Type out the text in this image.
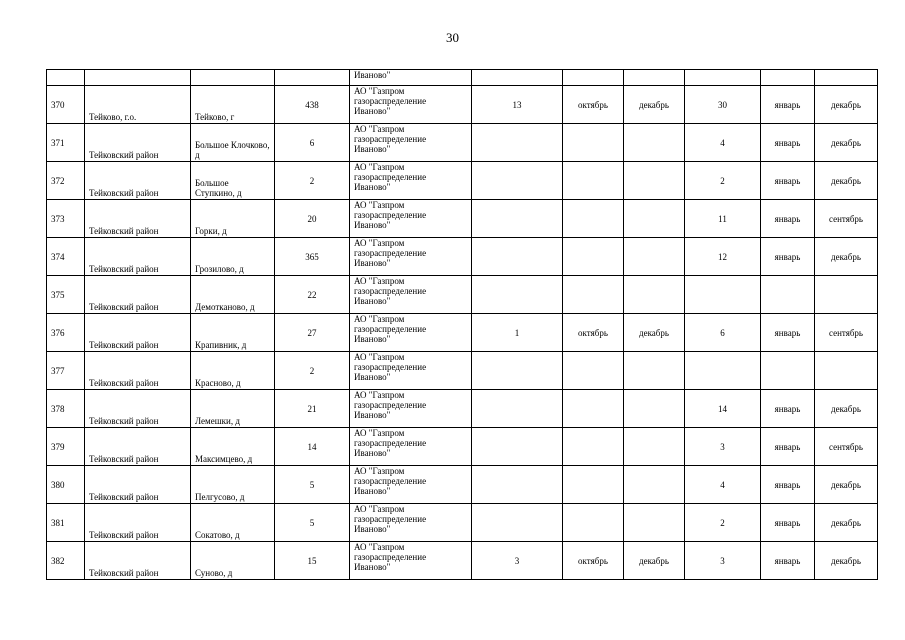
30
				Иваново"						
370	Тейково, г.о.	Тейково, г	438	АО "Газпром
газораспределение
Иваново"	13	октябрь	декабрь	30	январь	декабрь
371	Тейковский район	Большое Клочково, д	6	АО "Газпром
газораспределение
Иваново"				4	январь	декабрь
372	Тейковский район	Большое Ступкино, д	2	АО "Газпром
газораспределение
Иваново"				2	январь	декабрь
373	Тейковский район	Горки, д	20	АО "Газпром
газораспределение
Иваново"				11	январь	сентябрь
374	Тейковский район	Грозилово, д	365	АО "Газпром
газораспределение
Иваново"				12	январь	декабрь
375	Тейковский район	Демотканово, д	22	АО "Газпром
газораспределение
Иваново"						

376	Тейковский район	Крапивник, д	27	АО "Газпром
газораспределение
Иваново"	1	октябрь	декабрь	6	январь	сентябрь
377	Тейковский район	Красново, д	2	АО "Газпром
газораспределение
Иваново"						

378	Тейковский район	Лемешки, д	21	АО "Газпром
газораспределение
Иваново"				14	январь	декабрь
379	Тейковский район	Максимцево, д	14	АО "Газпром
газораспределение
Иваново"				3	январь	сентябрь
380	Тейковский район	Пелгусово, д	5	АО "Газпром
газораспределение
Иваново"				4	январь	декабрь
381	Тейковский район	Сокатово, д	5	АО "Газпром
газораспределение
Иваново"				2	январь	декабрь
382	Тейковский район	Суново, д	15	АО "Газпром
газораспределение
Иваново"	3	октябрь	декабрь	3	январь	декабрь
